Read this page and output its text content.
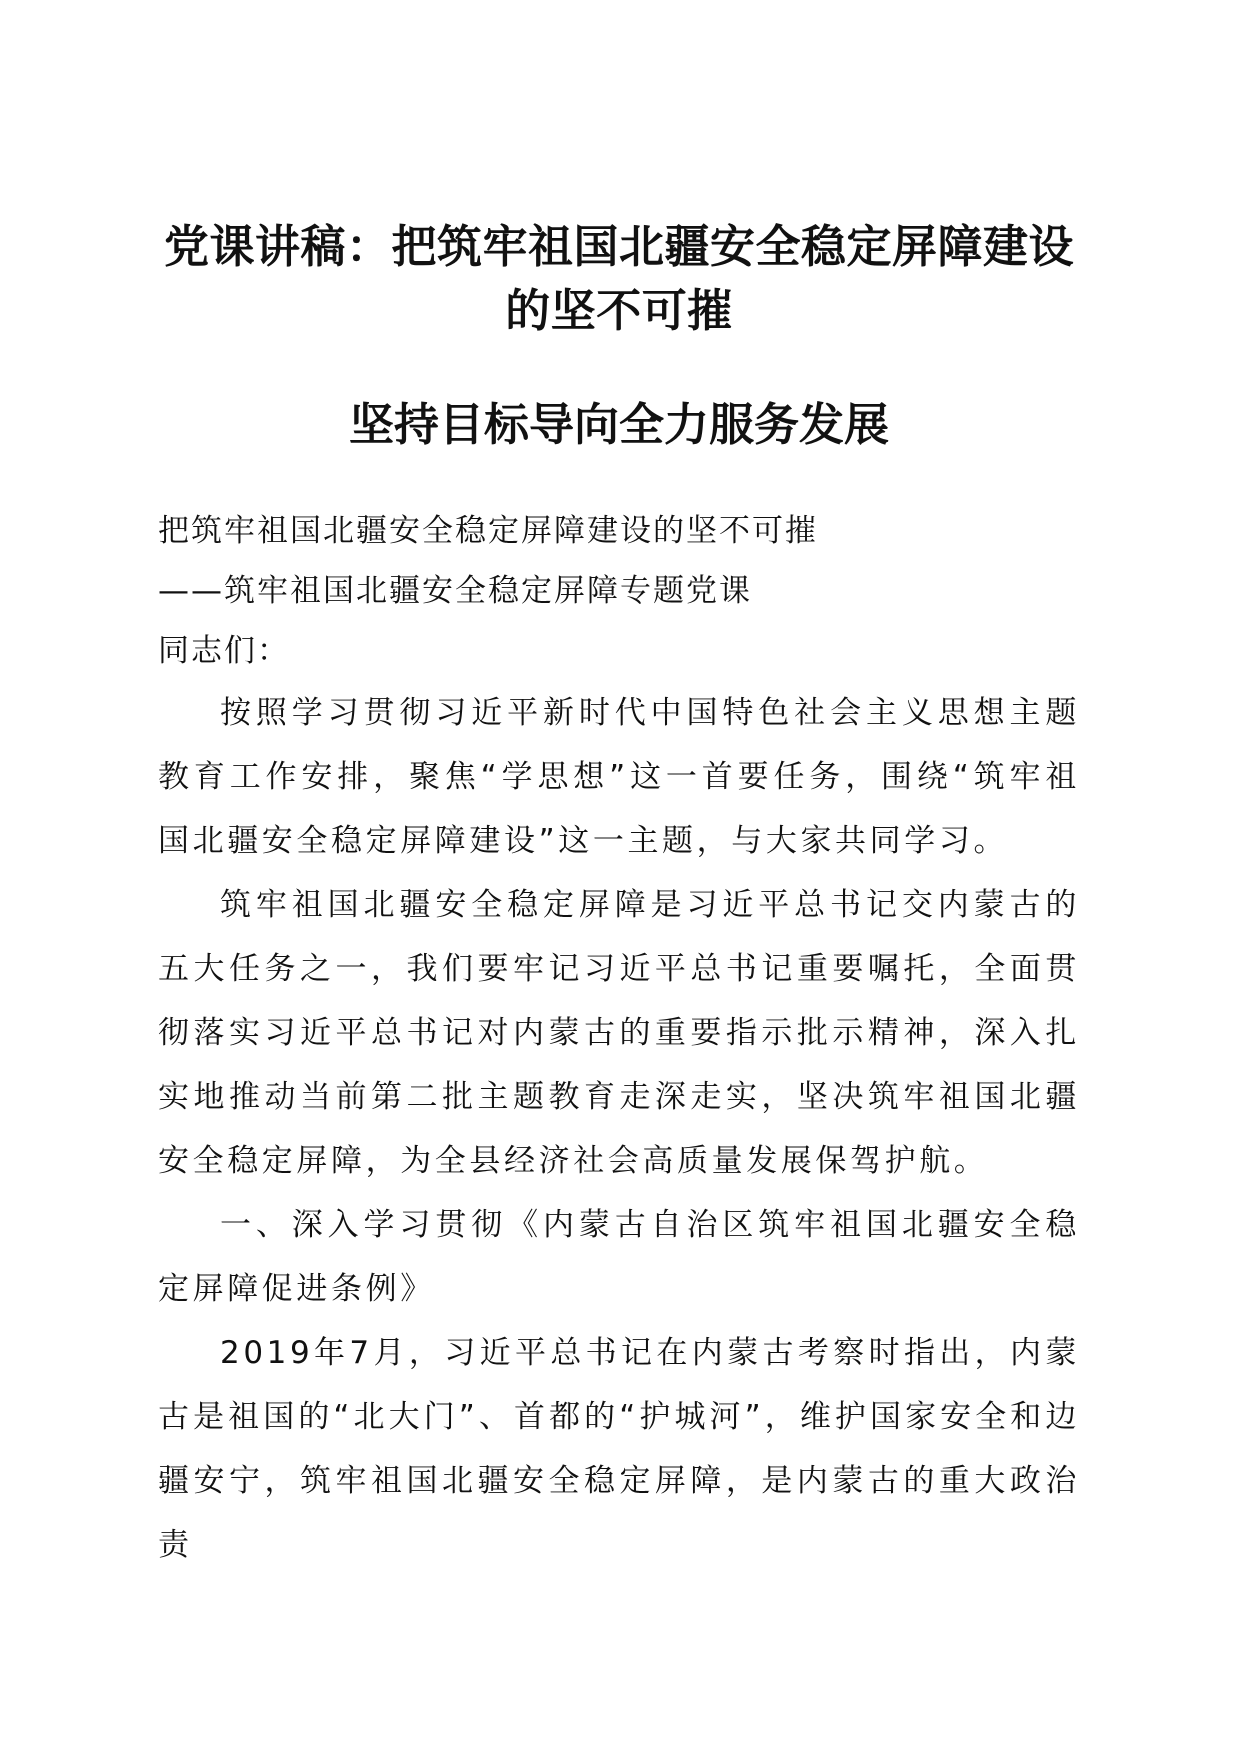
党课讲稿：把筑牢祖国北疆安全稳定屏障建设的坚不可摧
坚持目标导向全力服务发展

把筑牢祖国北疆安全稳定屏障建设的坚不可摧

——筑牢祖国北疆安全稳定屏障专题党课

同志们：

按照学习贯彻习近平新时代中国特色社会主义思想主题教育工作安排，聚焦“学思想”这一首要任务，围绕“筑牢祖国北疆安全稳定屏障建设”这一主题，与大家共同学习。

筑牢祖国北疆安全稳定屏障是习近平总书记交内蒙古的五大任务之一，我们要牢记习近平总书记重要嘱托，全面贯彻落实习近平总书记对内蒙古的重要指示批示精神，深入扎实地推动当前第二批主题教育走深走实，坚决筑牢祖国北疆安全稳定屏障，为全县经济社会高质量发展保驾护航。

一、深入学习贯彻《内蒙古自治区筑牢祖国北疆安全稳定屏障促进条例》

2019年7月，习近平总书记在内蒙古考察时指出，内蒙古是祖国的“北大门”、首都的“护城河”，维护国家安全和边疆安宁，筑牢祖国北疆安全稳定屏障，是内蒙古的重大政治责
